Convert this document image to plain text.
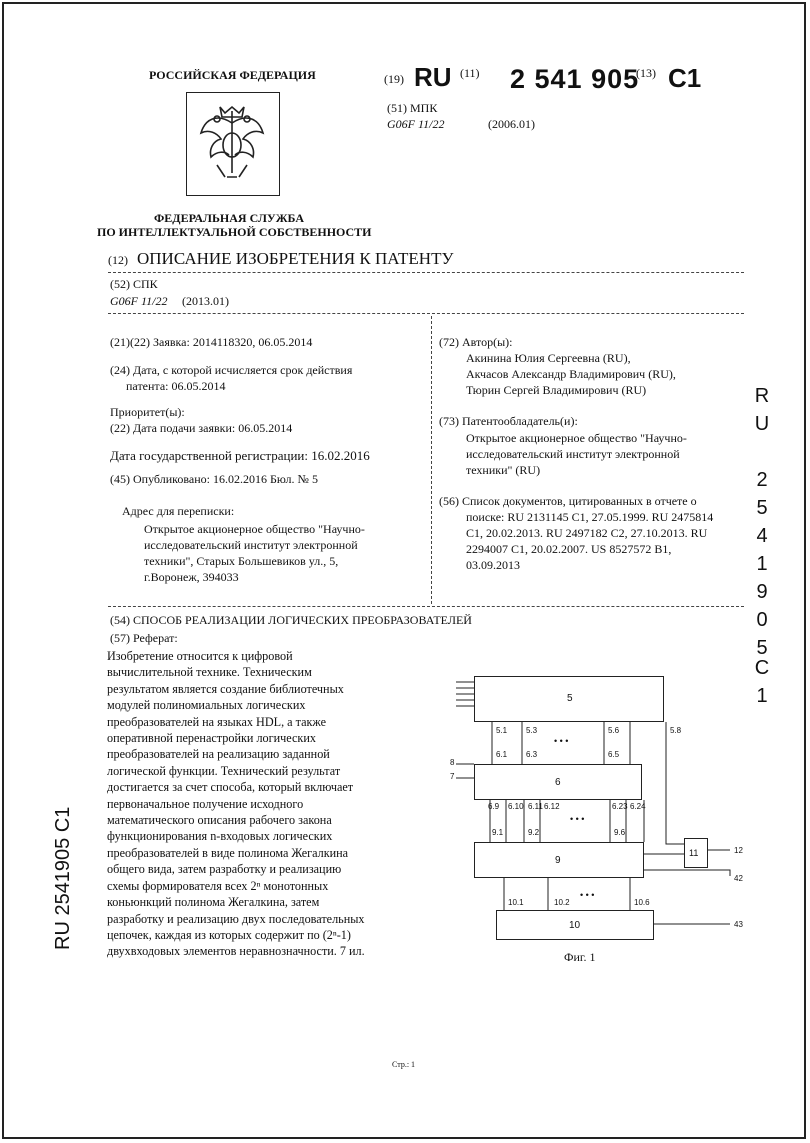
РОССИЙСКАЯ ФЕДЕРАЦИЯ
ФЕДЕРАЛЬНАЯ СЛУЖБА
ПО ИНТЕЛЛЕКТУАЛЬНОЙ СОБСТВЕННОСТИ
(19) RU (11) 2 541 905
(13) C1
(51) МПК
G06F 11/22	(2006.01)
(12) ОПИСАНИЕ ИЗОБРЕТЕНИЯ К ПАТЕНТУ
(52) СПК
G06F 11/22 (2013.01)
(21)(22) Заявка: 2014118320, 06.05.2014
(24) Дата, с которой исчисляется срок действия
патента: 06.05.2014
Приоритет(ы):
(22) Дата подачи заявки: 06.05.2014
Дата государственной регистрации: 16.02.2016
(45) Опубликовано: 16.02.2016 Бюл. № 5
Адрес для переписки:
Открытое акционерное общество "Научно-
исследовательский институт электронной
техники", Старых Большевиков ул., 5,
г.Воронеж, 394033
(72) Автор(ы):
Акинина Юлия Сергеевна (RU),
Акчасов Александр Владимирович (RU),
Тюрин Сергей Владимирович (RU)
(73) Патентообладатель(и):
Открытое акционерное общество "Научно-
исследовательский институт электронной
техники" (RU)
(56) Список документов, цитированных в отчете о
поиске: RU 2131145 C1, 27.05.1999. RU 2475814
C1, 20.02.2013. RU 2497182 C2, 27.10.2013. RU
2294007 C1, 20.02.2007. US 8527572 B1,
03.09.2013
(54) СПОСОБ РЕАЛИЗАЦИИ ЛОГИЧЕСКИХ ПРЕОБРАЗОВАТЕЛЕЙ
(57) Реферат:
Изобретение относится к цифровой
вычислительной технике. Техническим
результатом является создание библиотечных
модулей полиномиальных логических
преобразователей на языках HDL, а также
оперативной перенастройки логических
преобразователей на реализацию заданной
логической функции. Технический результат
достигается за счет способа, который включает
первоначальное получение исходного
математического описания рабочего закона
функционирования n-входовых логических
преобразователей в виде полинома Жегалкина
общего вида, затем разработку и реализацию
схемы формирователя всех 2ⁿ монотонных
коньюнкций полинома Жегалкина, затем
разработку и реализацию двух последовательных
цепочек, каждая из которых содержит по (2ⁿ-1)
двухвходовых элементов неравнозначности. 7 ил.
5
6
9
11
10
8
7
12
42
43
5.1 5.3
• • •
5.6	5.8
6.1 6.3	6.5
6.9 6.10 6.11 6.12
• • •
6.23 6.24
9.1	9.2	9.6
10.1	10.2
• • •
10.6
Фиг. 1
RU 2541905 C1
R
U
2
5
4
1
9
0
5
C
1
Стр.: 1
